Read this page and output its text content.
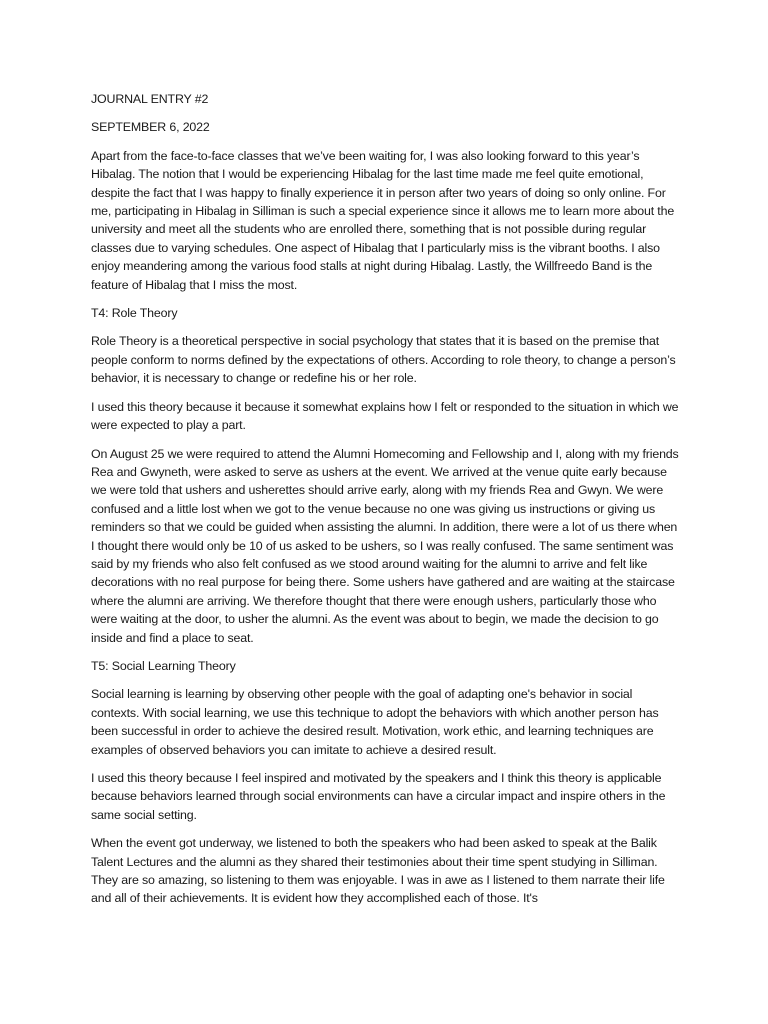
JOURNAL ENTRY #2

SEPTEMBER 6, 2022

Apart from the face-to-face classes that we’ve been waiting for, I was also looking forward to this year’s Hibalag. The notion that I would be experiencing Hibalag for the last time made me feel quite emotional, despite the fact that I was happy to finally experience it in person after two years of doing so only online. For me, participating in Hibalag in Silliman is such a special experience since it allows me to learn more about the university and meet all the students who are enrolled there, something that is not possible during regular classes due to varying schedules. One aspect of Hibalag that I particularly miss is the vibrant booths. I also enjoy meandering among the various food stalls at night during Hibalag. Lastly, the Willfreedo Band is the feature of Hibalag that I miss the most.

T4: Role Theory

Role Theory is a theoretical perspective in social psychology that states that it is based on the premise that people conform to norms defined by the expectations of others. According to role theory, to change a person’s behavior, it is necessary to change or redefine his or her role.

I used this theory because it because it somewhat explains how I felt or responded to the situation in which we were expected to play a part.

On August 25 we were required to attend the Alumni Homecoming and Fellowship and I, along with my friends Rea and Gwyneth, were asked to serve as ushers at the event. We arrived at the venue quite early because we were told that ushers and usherettes should arrive early, along with my friends Rea and Gwyn. We were confused and a little lost when we got to the venue because no one was giving us instructions or giving us reminders so that we could be guided when assisting the alumni. In addition, there were a lot of us there when I thought there would only be 10 of us asked to be ushers, so I was really confused. The same sentiment was said by my friends who also felt confused as we stood around waiting for the alumni to arrive and felt like decorations with no real purpose for being there. Some ushers have gathered and are waiting at the staircase where the alumni are arriving. We therefore thought that there were enough ushers, particularly those who were waiting at the door, to usher the alumni. As the event was about to begin, we made the decision to go inside and find a place to seat.

T5: Social Learning Theory

Social learning is learning by observing other people with the goal of adapting one's behavior in social contexts. With social learning, we use this technique to adopt the behaviors with which another person has been successful in order to achieve the desired result. Motivation, work ethic, and learning techniques are examples of observed behaviors you can imitate to achieve a desired result.

I used this theory because I feel inspired and motivated by the speakers and I think this theory is applicable because behaviors learned through social environments can have a circular impact and inspire others in the same social setting.

When the event got underway, we listened to both the speakers who had been asked to speak at the Balik Talent Lectures and the alumni as they shared their testimonies about their time spent studying in Silliman. They are so amazing, so listening to them was enjoyable. I was in awe as I listened to them narrate their life and all of their achievements. It is evident how they accomplished each of those. It's
